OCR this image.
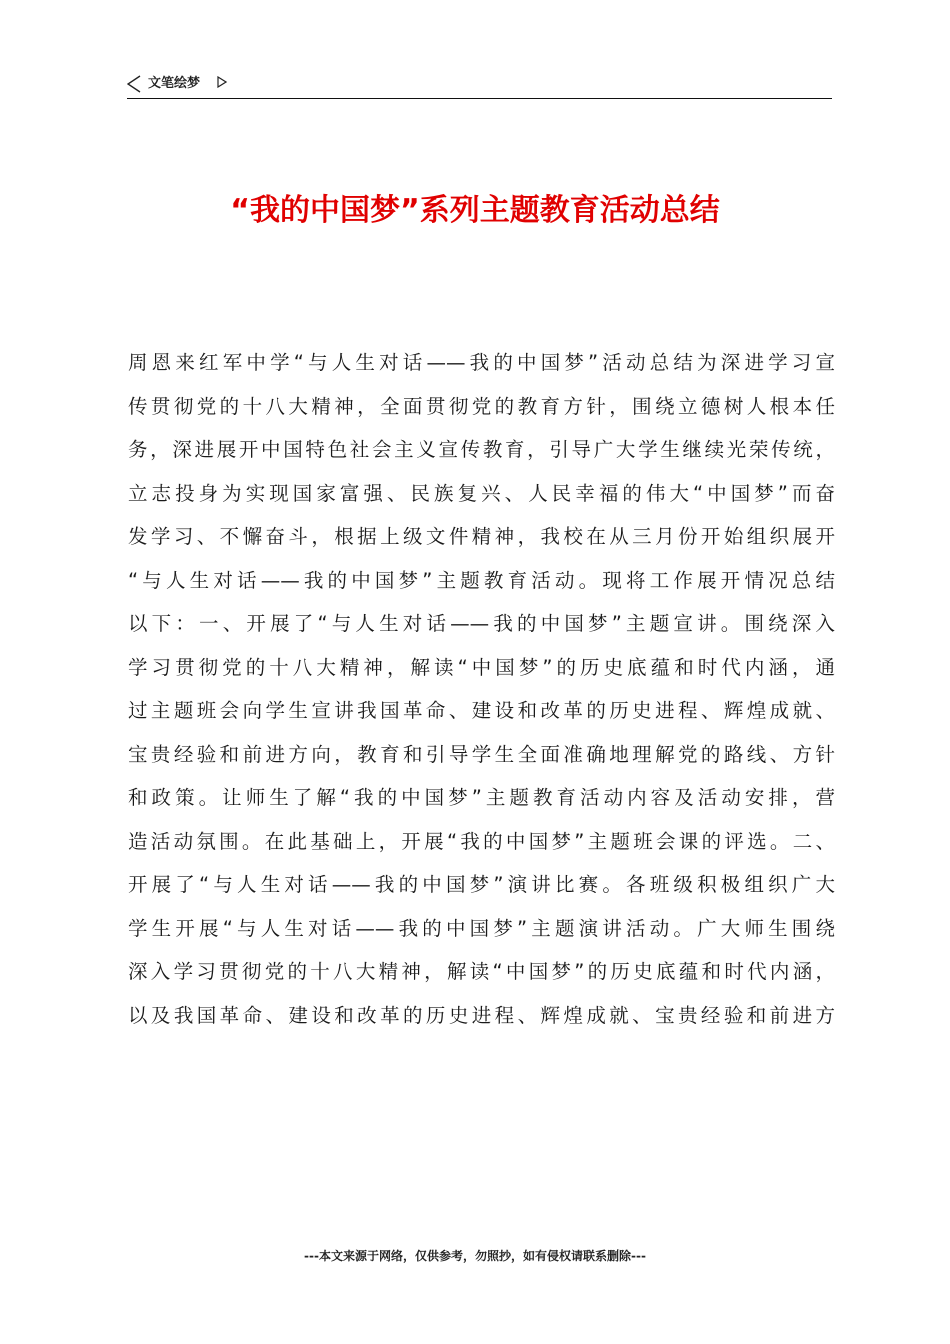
文笔绘梦
“我的中国梦”系列主题教育活动总结
周恩来红军中学“与人生对话——我的中国梦”活动总结为深进学习宣
传贯彻党的十八大精神，全面贯彻党的教育方针，围绕立德树人根本任
务，深进展开中国特色社会主义宣传教育，引导广大学生继续光荣传统，
立志投身为实现国家富强、民族复兴、人民幸福的伟大“中国梦”而奋
发学习、不懈奋斗，根据上级文件精神，我校在从三月份开始组织展开
“与人生对话——我的中国梦”主题教育活动。现将工作展开情况总结
以下：一、开展了“与人生对话——我的中国梦”主题宣讲。围绕深入
学习贯彻党的十八大精神，解读“中国梦”的历史底蕴和时代内涵，通
过主题班会向学生宣讲我国革命、建设和改革的历史进程、辉煌成就、
宝贵经验和前进方向，教育和引导学生全面准确地理解党的路线、方针
和政策。让师生了解“我的中国梦”主题教育活动内容及活动安排，营
造活动氛围。在此基础上，开展“我的中国梦”主题班会课的评选。二、
开展了“与人生对话——我的中国梦”演讲比赛。各班级积极组织广大
学生开展“与人生对话——我的中国梦”主题演讲活动。广大师生围绕
深入学习贯彻党的十八大精神，解读“中国梦”的历史底蕴和时代内涵，
以及我国革命、建设和改革的历史进程、辉煌成就、宝贵经验和前进方
---本文来源于网络，仅供参考，勿照抄，如有侵权请联系删除---
